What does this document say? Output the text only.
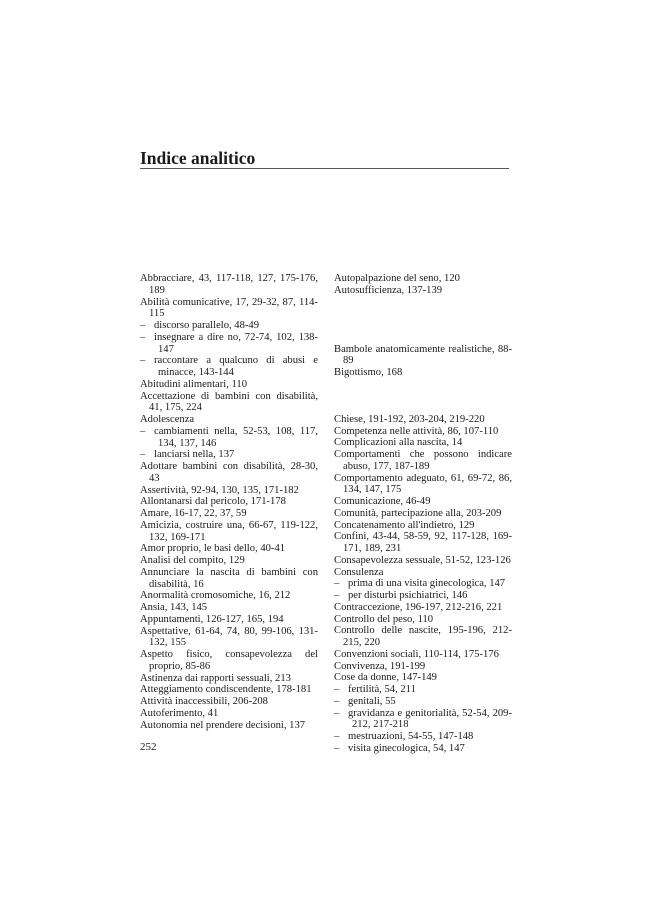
Indice analitico

Abbracciare, 43, 117-118, 127, 175-176, 189

Abilità comunicative, 17, 29-32, 87, 114-115

– discorso parallelo, 48-49

– insegnare a dire no, 72-74, 102, 138-147

– raccontare a qualcuno di abusi e minacce, 143-144

Abitudini alimentari, 110

Accettazione di bambini con disabilità, 41, 175, 224

Adolescenza

– cambiamenti nella, 52-53, 108, 117, 134, 137, 146

– lanciarsi nella, 137

Adottare bambini con disabilità, 28-30, 43

Assertività, 92-94, 130, 135, 171-182

Allontanarsi dal pericolo, 171-178

Amare, 16-17, 22, 37, 59

Amicizia, costruire una, 66-67, 119-122, 132, 169-171

Amor proprio, le basi dello, 40-41

Analisi del compito, 129

Annunciare la nascita di bambini con disabilità, 16

Anormalità cromosomiche, 16, 212

Ansia, 143, 145

Appuntamenti, 126-127, 165, 194

Aspettative, 61-64, 74, 80, 99-106, 131-132, 155

Aspetto fisico, consapevolezza del proprio, 85-86

Astinenza dai rapporti sessuali, 213

Atteggiamento condiscendente, 178-181

Attività inaccessibili, 206-208

Autoferimento, 41

Autonomia nel prendere decisioni, 137

Autopalpazione del seno, 120

Autosufficienza, 137-139

Bambole anatomicamente realistiche, 88-89

Bigottismo, 168

Chiese, 191-192, 203-204, 219-220

Competenza nelle attività, 86, 107-110

Complicazioni alla nascita, 14

Comportamenti che possono indicare abuso, 177, 187-189

Comportamento adeguato, 61, 69-72, 86, 134, 147, 175

Comunicazione, 46-49

Comunità, partecipazione alla, 203-209

Concatenamento all'indietro, 129

Confini, 43-44, 58-59, 92, 117-128, 169-171, 189, 231

Consapevolezza sessuale, 51-52, 123-126

Consulenza

– prima di una visita ginecologica, 147

– per disturbi psichiatrici, 146

Contraccezione, 196-197, 212-216, 221

Controllo del peso, 110

Controllo delle nascite, 195-196, 212-215, 220

Convenzioni sociali, 110-114, 175-176

Convivenza, 191-199

Cose da donne, 147-149

– fertilità, 54, 211

– genitali, 55

– gravidanza e genitorialità, 52-54, 209-212, 217-218

– mestruazioni, 54-55, 147-148

– visita ginecologica, 54, 147

252
